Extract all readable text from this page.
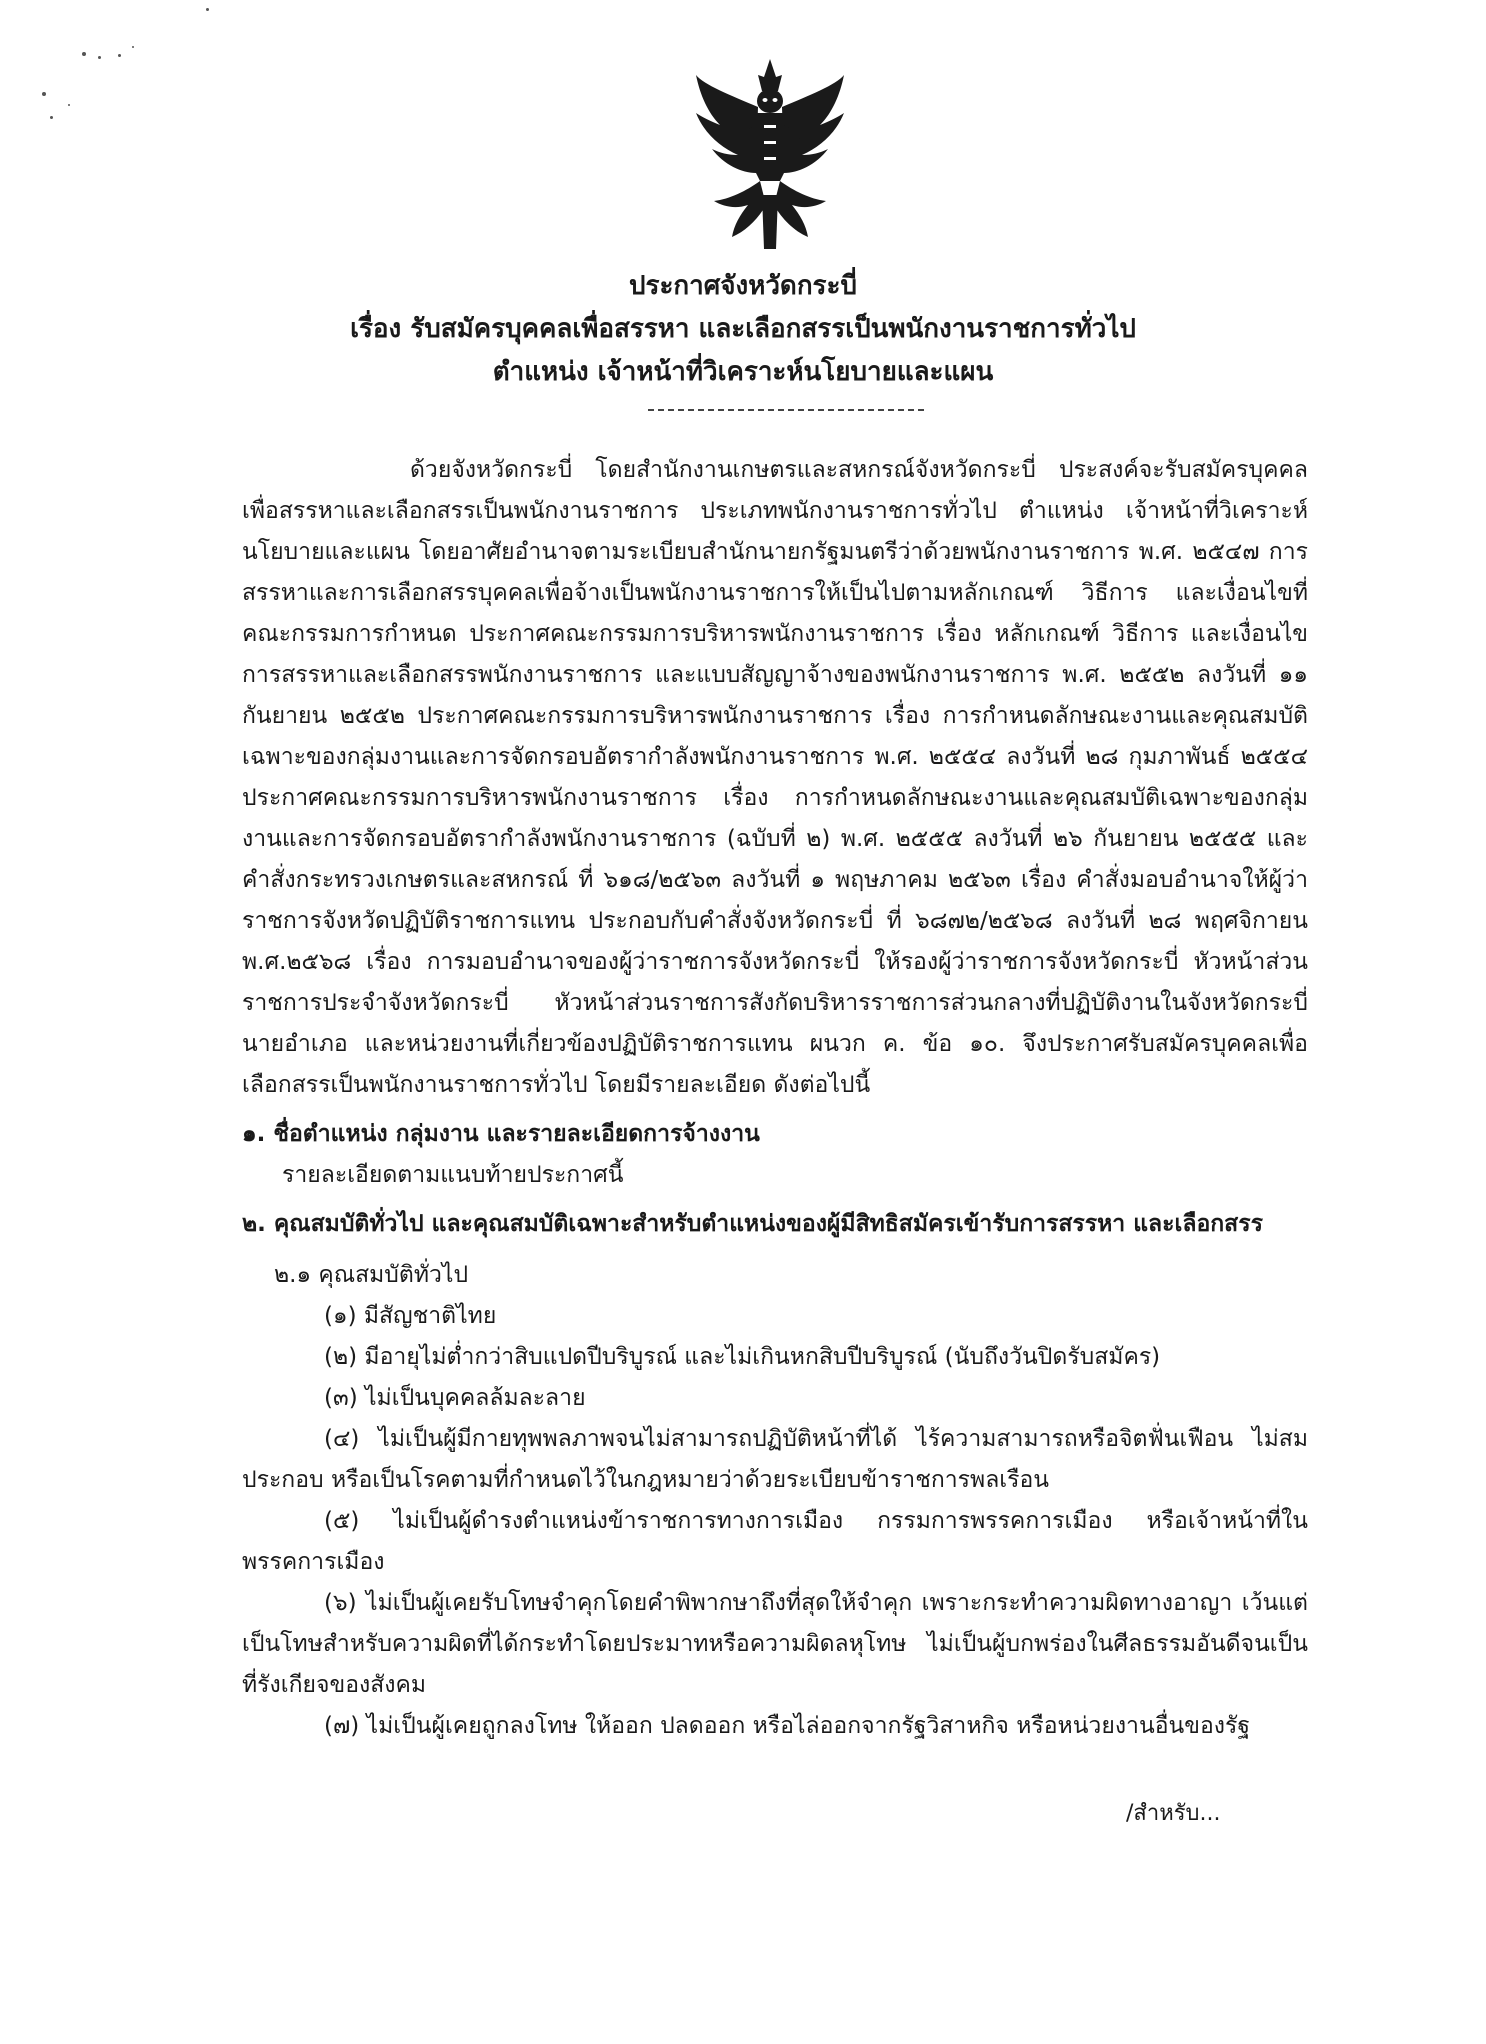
ประกาศจังหวัดกระบี่
เรื่อง รับสมัครบุคคลเพื่อสรรหา และเลือกสรรเป็นพนักงานราชการทั่วไป
ตำแหน่ง เจ้าหน้าที่วิเคราะห์นโยบายและแผน

ด้วยจังหวัดกระบี่ โดยสำนักงานเกษตรและสหกรณ์จังหวัดกระบี่ ประสงค์จะรับสมัครบุคคลเพื่อสรรหาและเลือกสรรเป็นพนักงานราชการ ประเภทพนักงานราชการทั่วไป ตำแหน่ง เจ้าหน้าที่วิเคราะห์นโยบายและแผน โดยอาศัยอำนาจตามระเบียบสำนักนายกรัฐมนตรีว่าด้วยพนักงานราชการ พ.ศ. ๒๕๔๗ การสรรหาและการเลือกสรรบุคคลเพื่อจ้างเป็นพนักงานราชการให้เป็นไปตามหลักเกณฑ์ วิธีการ และเงื่อนไขที่คณะกรรมการกำหนด ประกาศคณะกรรมการบริหารพนักงานราชการ เรื่อง หลักเกณฑ์ วิธีการ และเงื่อนไขการสรรหาและเลือกสรรพนักงานราชการ และแบบสัญญาจ้างของพนักงานราชการ พ.ศ. ๒๕๕๒ ลงวันที่ ๑๑ กันยายน ๒๕๕๒ ประกาศคณะกรรมการบริหารพนักงานราชการ เรื่อง การกำหนดลักษณะงานและคุณสมบัติเฉพาะของกลุ่มงานและการจัดกรอบอัตรากำลังพนักงานราชการ พ.ศ. ๒๕๕๔ ลงวันที่ ๒๘ กุมภาพันธ์ ๒๕๕๔ ประกาศคณะกรรมการบริหารพนักงานราชการ เรื่อง การกำหนดลักษณะงานและคุณสมบัติเฉพาะของกลุ่มงานและการจัดกรอบอัตรากำลังพนักงานราชการ (ฉบับที่ ๒) พ.ศ. ๒๕๕๕ ลงวันที่ ๒๖ กันยายน ๒๕๕๕ และคำสั่งกระทรวงเกษตรและสหกรณ์ ที่ ๖๑๘/๒๕๖๓ ลงวันที่ ๑ พฤษภาคม ๒๕๖๓ เรื่อง คำสั่งมอบอำนาจให้ผู้ว่าราชการจังหวัดปฏิบัติราชการแทน ประกอบกับคำสั่งจังหวัดกระบี่ ที่ ๖๘๗๒/๒๕๖๘ ลงวันที่ ๒๘ พฤศจิกายน พ.ศ.๒๕๖๘ เรื่อง การมอบอำนาจของผู้ว่าราชการจังหวัดกระบี่ ให้รองผู้ว่าราชการจังหวัดกระบี่ หัวหน้าส่วนราชการประจำจังหวัดกระบี่ หัวหน้าส่วนราชการสังกัดบริหารราชการส่วนกลางที่ปฏิบัติงานในจังหวัดกระบี่ นายอำเภอ และหน่วยงานที่เกี่ยวข้องปฏิบัติราชการแทน ผนวก ค. ข้อ ๑๐. จึงประกาศรับสมัครบุคคลเพื่อเลือกสรรเป็นพนักงานราชการทั่วไป โดยมีรายละเอียด ดังต่อไปนี้

๑. ชื่อตำแหน่ง กลุ่มงาน และรายละเอียดการจ้างงาน

รายละเอียดตามแนบท้ายประกาศนี้

๒. คุณสมบัติทั่วไป และคุณสมบัติเฉพาะสำหรับตำแหน่งของผู้มีสิทธิสมัครเข้ารับการสรรหา และเลือกสรร

๒.๑ คุณสมบัติทั่วไป

(๑) มีสัญชาติไทย

(๒) มีอายุไม่ต่ำกว่าสิบแปดปีบริบูรณ์ และไม่เกินหกสิบปีบริบูรณ์ (นับถึงวันปิดรับสมัคร)

(๓) ไม่เป็นบุคคลล้มละลาย

(๔) ไม่เป็นผู้มีกายทุพพลภาพจนไม่สามารถปฏิบัติหน้าที่ได้ ไร้ความสามารถหรือจิตฟั่นเฟือน ไม่สมประกอบ หรือเป็นโรคตามที่กำหนดไว้ในกฎหมายว่าด้วยระเบียบข้าราชการพลเรือน

(๕) ไม่เป็นผู้ดำรงตำแหน่งข้าราชการทางการเมือง กรรมการพรรคการเมือง หรือเจ้าหน้าที่ในพรรคการเมือง

(๖) ไม่เป็นผู้เคยรับโทษจำคุกโดยคำพิพากษาถึงที่สุดให้จำคุก เพราะกระทำความผิดทางอาญา เว้นแต่เป็นโทษสำหรับความผิดที่ได้กระทำโดยประมาทหรือความผิดลหุโทษ ไม่เป็นผู้บกพร่องในศีลธรรมอันดีจนเป็นที่รังเกียจของสังคม

(๗) ไม่เป็นผู้เคยถูกลงโทษ ให้ออก ปลดออก หรือไล่ออกจากรัฐวิสาหกิจ หรือหน่วยงานอื่นของรัฐ

/สำหรับ...
